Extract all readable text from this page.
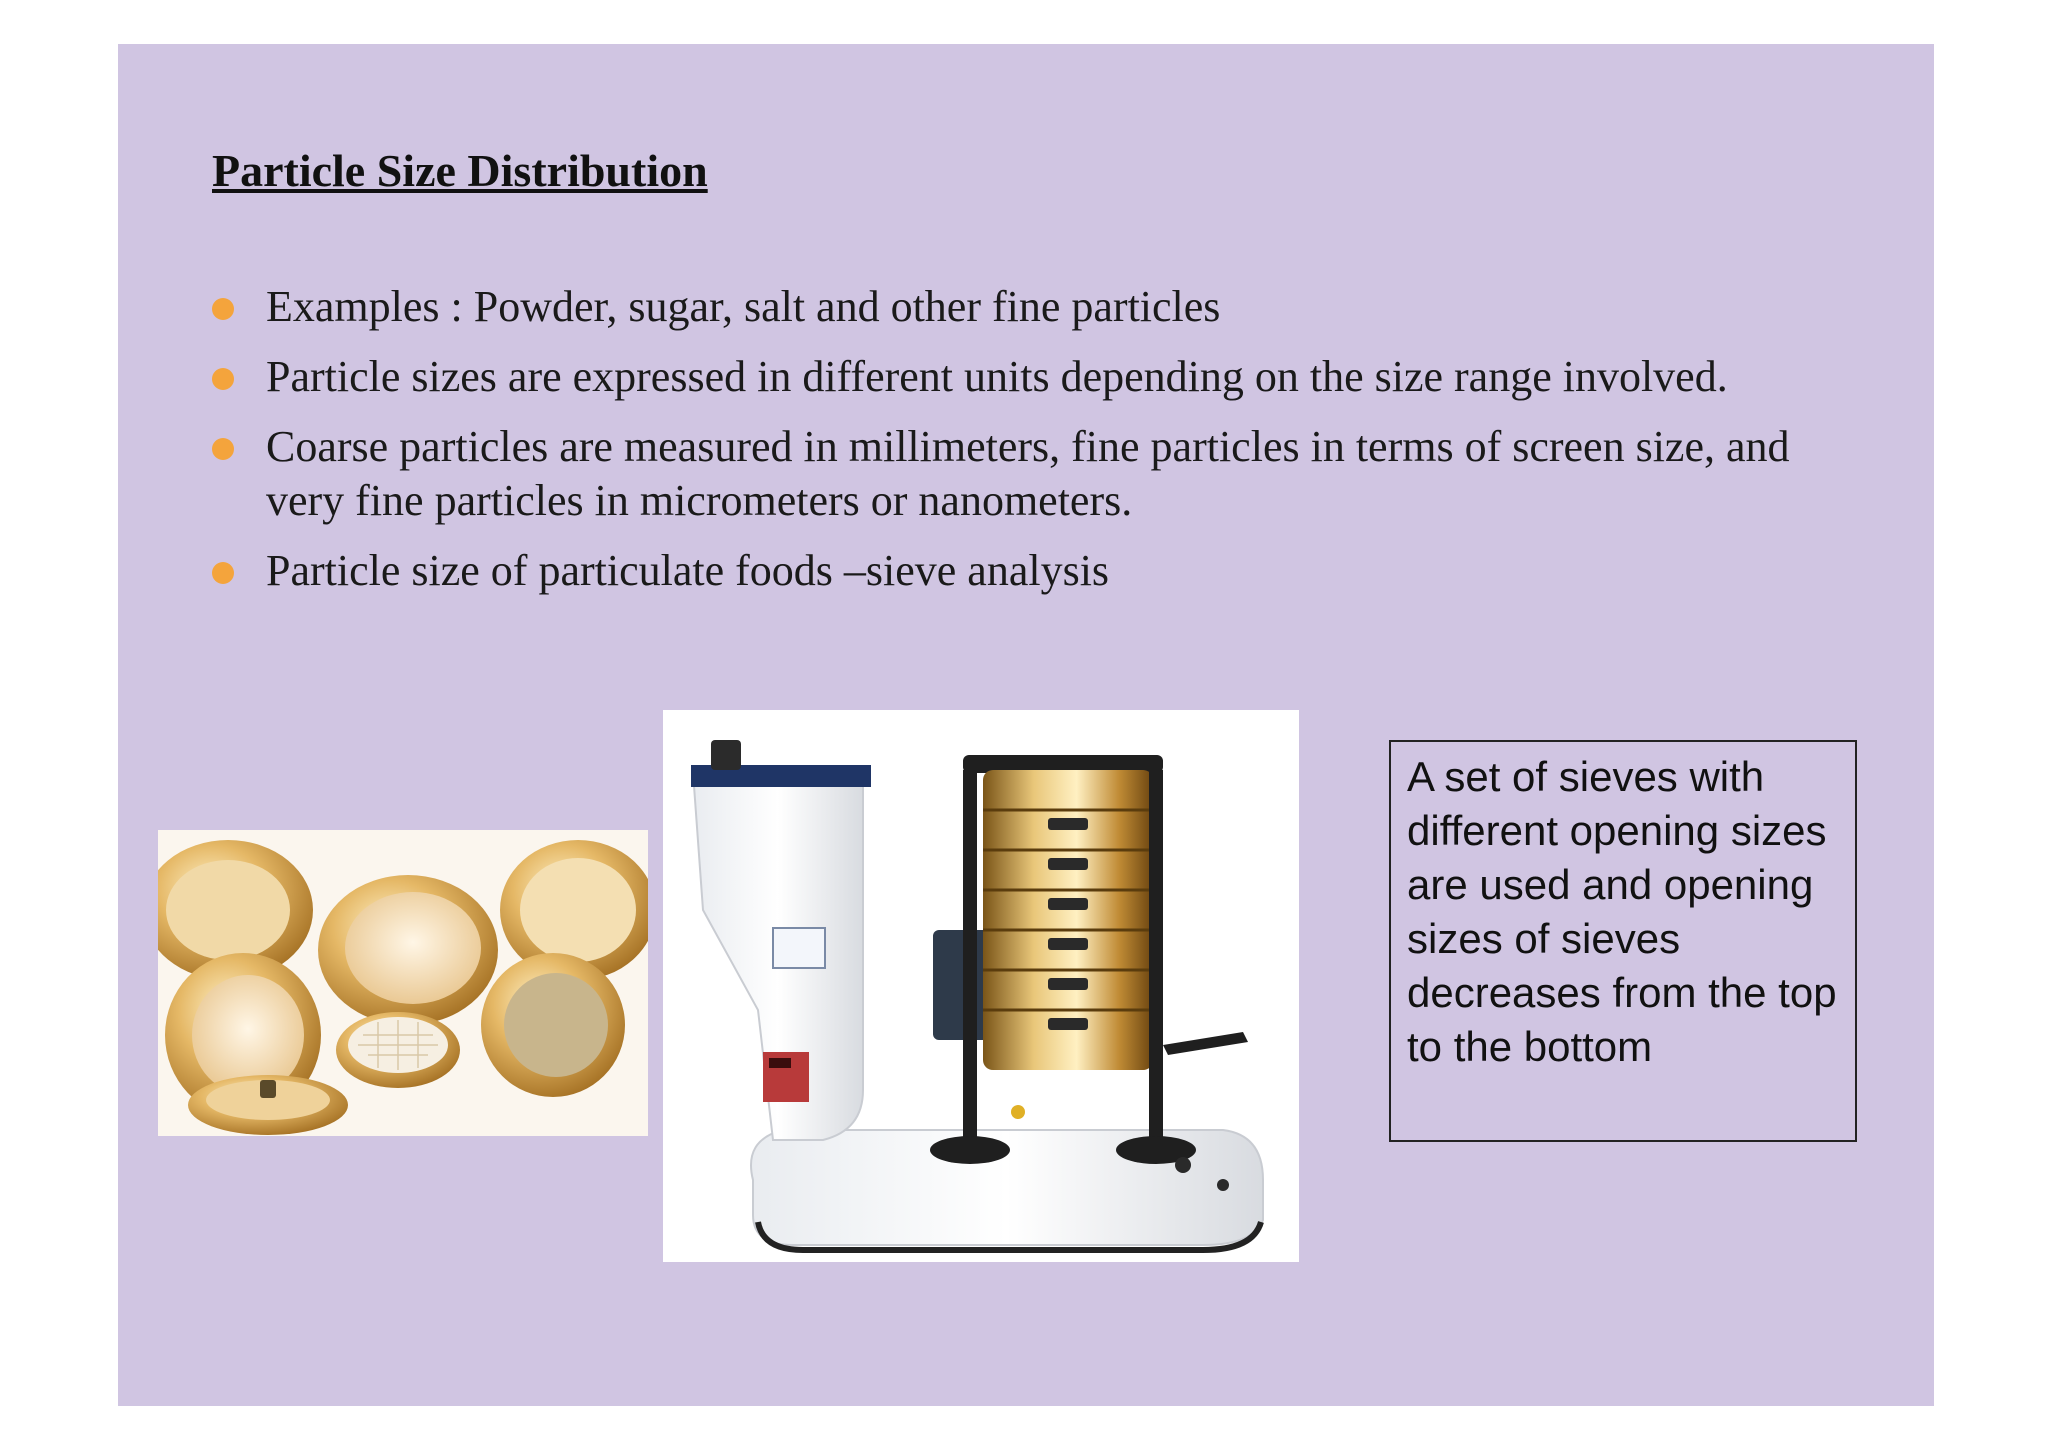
Particle Size Distribution
Examples : Powder, sugar, salt and other fine particles
Particle sizes are expressed in different units depending on the size range involved.
Coarse particles are measured in millimeters, fine particles in terms of screen size, and very fine particles in micrometers or nanometers.
Particle size of particulate foods –sieve analysis
A set of sieves with different opening sizes are used and opening sizes of sieves decreases from the top to the bottom
